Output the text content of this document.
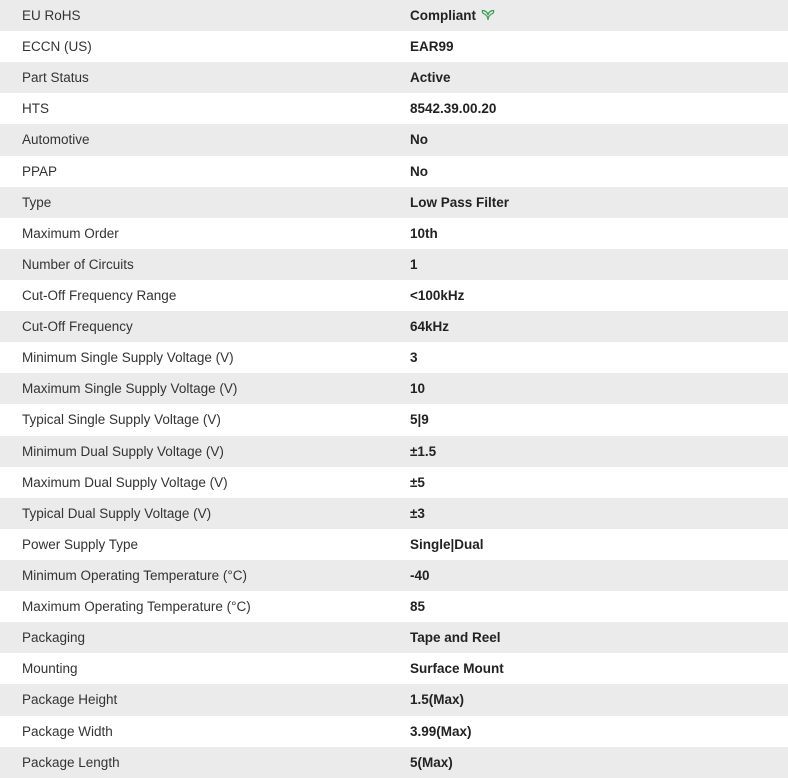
EU RoHS	Compliant
ECCN (US)	EAR99
Part Status	Active
HTS	8542.39.00.20
Automotive	No
PPAP	No
Type	Low Pass Filter
Maximum Order	10th
Number of Circuits	1
Cut-Off Frequency Range	<100kHz
Cut-Off Frequency	64kHz
Minimum Single Supply Voltage (V)	3
Maximum Single Supply Voltage (V)	10
Typical Single Supply Voltage (V)	5|9
Minimum Dual Supply Voltage (V)	±1.5
Maximum Dual Supply Voltage (V)	±5
Typical Dual Supply Voltage (V)	±3
Power Supply Type	Single|Dual
Minimum Operating Temperature (°C)	-40
Maximum Operating Temperature (°C)	85
Packaging	Tape and Reel
Mounting	Surface Mount
Package Height	1.5(Max)
Package Width	3.99(Max)
Package Length	5(Max)
